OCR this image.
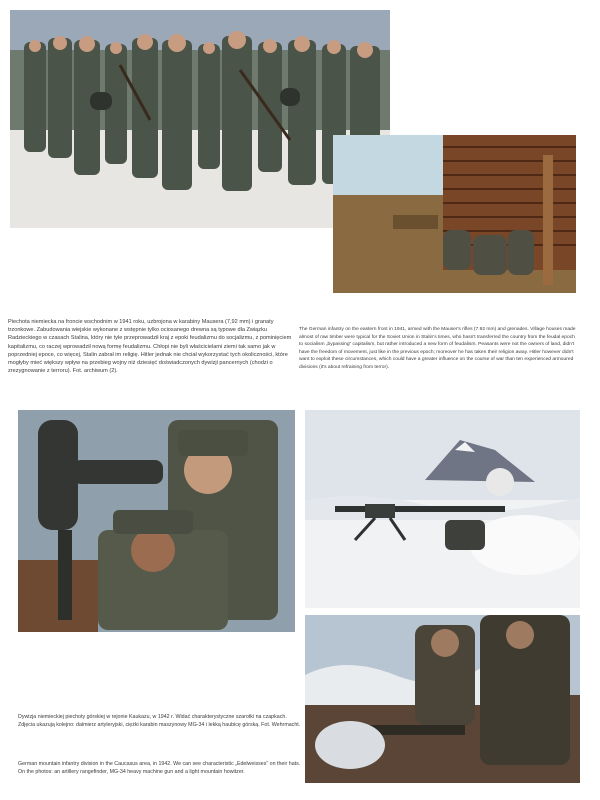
Piechota niemiecka na froncie wschodnim w 1941 roku, uzbrojona w karabiny Mausera (7,92 mm) i granaty trzonkowe. Zabudowania wiejskie wykonane z wstępnie tylko ociosanego drewna są typowe dla Związku Radzieckiego w czasach Stalina, który nie tyle przeprowadził kraj z epoki feudalizmu do socjalizmu, z pominięciem kapitalizmu, co raczej wprowadził nową formę feudalizmu. Chłopi nie byli właścicielami ziemi tak samo jak w poprzedniej epoce, co więcej, Stalin zabrał im religię. Hitler jednak nie chciał wykorzystać tych okoliczności, które mogłyby mieć większy wpływ na przebieg wojny niż dziesięć doświadczonych dywizji pancernych (chodzi o zrezygnowanie z terroru). Fot. archiwum (2).

The German infantry on the eastern front in 1941, armed with the Mauser's rifles (7.92 mm) and grenades. Village houses made almost of raw timber were typical for the Soviet Union in Stalin's times, who hasn't transferred the country from the feudal epoch to socialism „bypassing” capitalism, but rather introduced a new form of feudalism. Peasants were not the owners of land, didn't have the freedom of movement, just like in the previous epoch; moreover he has taken their religion away. Hitler however didn't want to exploit these circumstances, which could have a greater influence on the course of war than ten experienced armoured divisions (it's about refraining from terror).

Dywizja niemieckiej piechoty górskiej w rejonie Kaukazu, w 1942 r. Widać charakterystyczne szarotki na czapkach. Zdjęcia ukazują kolejno: dalmierz artyleryjski, ciężki karabin maszynowy MG-34 i lekką haubicę górską. Fot. Wehrmacht.

German mountain infantry division in the Caucasus area, in 1942. We can see characteristic „Edelweisses” on their hats. On the photos: an artillery rangefinder, MG-34 heavy machine gun and a light mountain howitzer.
